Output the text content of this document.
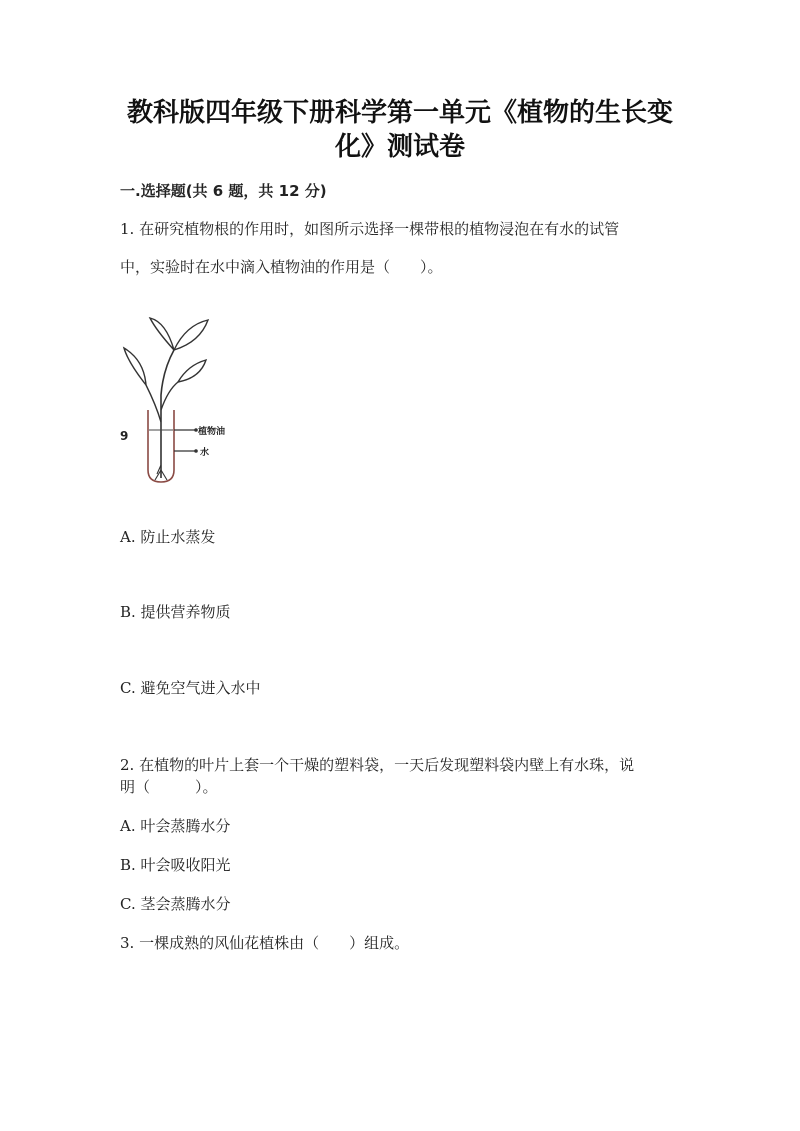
教科版四年级下册科学第一单元《植物的生长变
化》测试卷
一.选择题(共 6 题，共 12 分)
1. 在研究植物根的作用时，如图所示选择一棵带根的植物浸泡在有水的试管
中，实验时在水中滴入植物油的作用是（　　）。
植物油
水
9
A. 防止水蒸发
B. 提供营养物质
C. 避免空气进入水中
2. 在植物的叶片上套一个干燥的塑料袋，一天后发现塑料袋内壁上有水珠，说
明（　　　）。
A. 叶会蒸腾水分
B. 叶会吸收阳光
C. 茎会蒸腾水分
3. 一棵成熟的风仙花植株由（　　）组成。
